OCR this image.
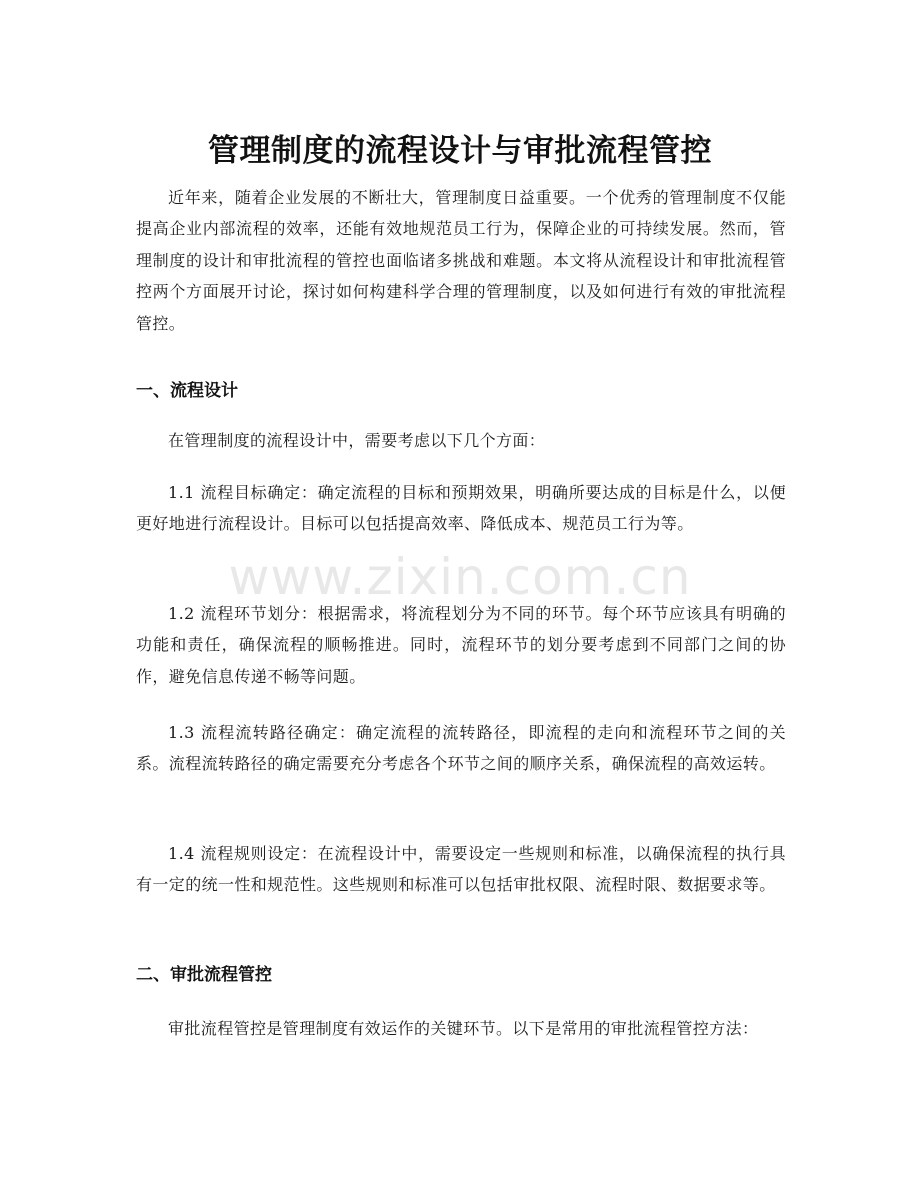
管理制度的流程设计与审批流程管控

近年来，随着企业发展的不断壮大，管理制度日益重要。一个优秀的管理制度不仅能提高企业内部流程的效率，还能有效地规范员工行为，保障企业的可持续发展。然而，管理制度的设计和审批流程的管控也面临诸多挑战和难题。本文将从流程设计和审批流程管控两个方面展开讨论，探讨如何构建科学合理的管理制度，以及如何进行有效的审批流程管控。

一、流程设计

在管理制度的流程设计中，需要考虑以下几个方面：

1.1 流程目标确定：确定流程的目标和预期效果，明确所要达成的目标是什么，以便更好地进行流程设计。目标可以包括提高效率、降低成本、规范员工行为等。

1.2 流程环节划分：根据需求，将流程划分为不同的环节。每个环节应该具有明确的功能和责任，确保流程的顺畅推进。同时，流程环节的划分要考虑到不同部门之间的协作，避免信息传递不畅等问题。

1.3 流程流转路径确定：确定流程的流转路径，即流程的走向和流程环节之间的关系。流程流转路径的确定需要充分考虑各个环节之间的顺序关系，确保流程的高效运转。

1.4 流程规则设定：在流程设计中，需要设定一些规则和标准，以确保流程的执行具有一定的统一性和规范性。这些规则和标准可以包括审批权限、流程时限、数据要求等。

二、审批流程管控

审批流程管控是管理制度有效运作的关键环节。以下是常用的审批流程管控方法：

www.zixin.com.cn
